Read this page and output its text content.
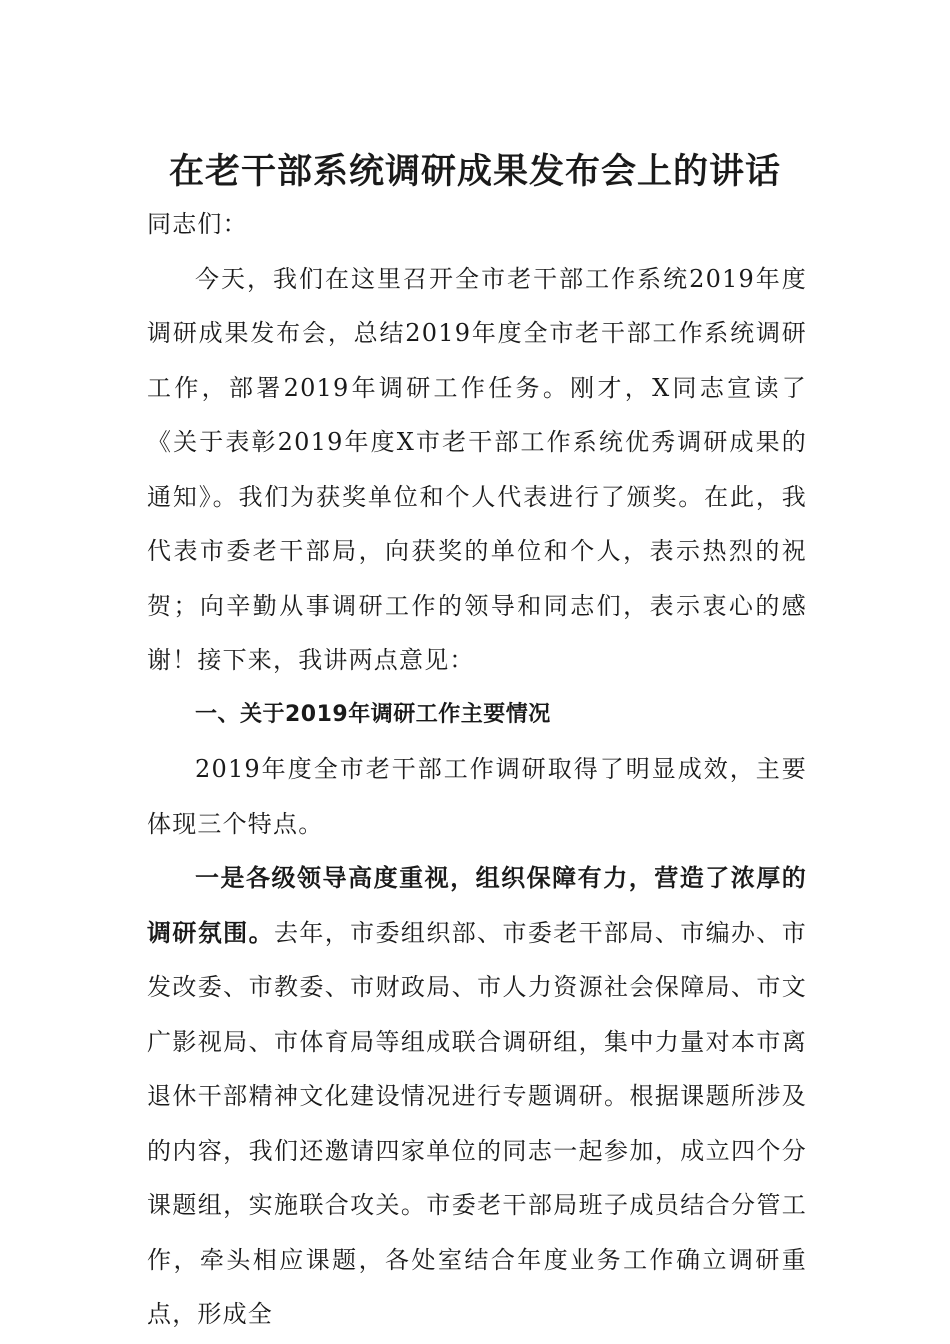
在老干部系统调研成果发布会上的讲话

同志们：

今天，我们在这里召开全市老干部工作系统2019年度调研成果发布会，总结2019年度全市老干部工作系统调研工作，部署2019年调研工作任务。刚才，X同志宣读了《关于表彰2019年度X市老干部工作系统优秀调研成果的通知》。我们为获奖单位和个人代表进行了颁奖。在此，我代表市委老干部局，向获奖的单位和个人，表示热烈的祝贺；向辛勤从事调研工作的领导和同志们，表示衷心的感谢！接下来，我讲两点意见：

一、关于2019年调研工作主要情况

2019年度全市老干部工作调研取得了明显成效，主要体现三个特点。

一是各级领导高度重视，组织保障有力，营造了浓厚的调研氛围。去年，市委组织部、市委老干部局、市编办、市发改委、市教委、市财政局、市人力资源社会保障局、市文广影视局、市体育局等组成联合调研组，集中力量对本市离退休干部精神文化建设情况进行专题调研。根据课题所涉及的内容，我们还邀请四家单位的同志一起参加，成立四个分课题组，实施联合攻关。市委老干部局班子成员结合分管工作，牵头相应课题，各处室结合年度业务工作确立调研重点，形成全
